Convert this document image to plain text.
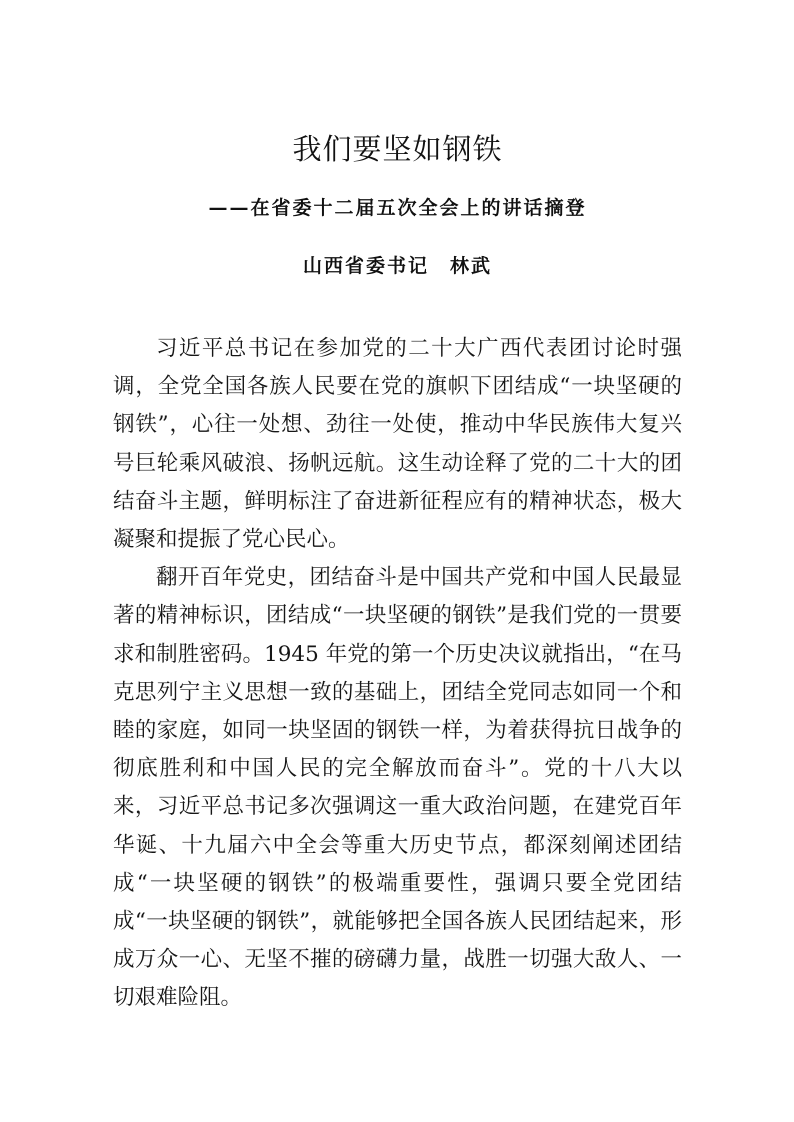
我们要坚如钢铁
——在省委十二届五次全会上的讲话摘登
山西省委书记　林武

习近平总书记在参加党的二十大广西代表团讨论时强调，全党全国各族人民要在党的旗帜下团结成“一块坚硬的钢铁”，心往一处想、劲往一处使，推动中华民族伟大复兴号巨轮乘风破浪、扬帆远航。这生动诠释了党的二十大的团结奋斗主题，鲜明标注了奋进新征程应有的精神状态，极大凝聚和提振了党心民心。

翻开百年党史，团结奋斗是中国共产党和中国人民最显著的精神标识，团结成“一块坚硬的钢铁”是我们党的一贯要求和制胜密码。1945 年党的第一个历史决议就指出，“在马克思列宁主义思想一致的基础上，团结全党同志如同一个和睦的家庭，如同一块坚固的钢铁一样，为着获得抗日战争的彻底胜利和中国人民的完全解放而奋斗”。党的十八大以来，习近平总书记多次强调这一重大政治问题，在建党百年华诞、十九届六中全会等重大历史节点，都深刻阐述团结成“一块坚硬的钢铁”的极端重要性，强调只要全党团结成“一块坚硬的钢铁”，就能够把全国各族人民团结起来，形成万众一心、无坚不摧的磅礴力量，战胜一切强大敌人、一切艰难险阻。
